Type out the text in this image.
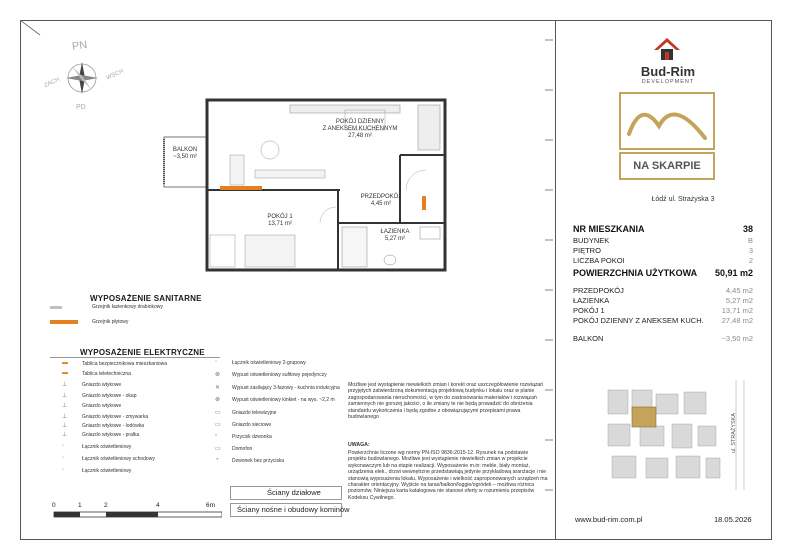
PN
PD
WSCH
ZACH
BALKON
~3,50 m²
POKÓJ DZIENNY
Z ANEKSEM KUCHENNYM
27,48 m²
PRZEDPOKÓJ
4,45 m²
POKÓJ 1
13,71 m²
ŁAZIENKA
5,27 m²
WYPOSAŻENIE SANITARNE
Grzejnik łazienkowy drabinkowy
Grzejnik płytowy
WYPOSAŻENIE ELEKTRYCZNE
▬	Tablica bezpiecznikowa mieszkaniowa
▬	Tablica teletechniczna
⊥	Gniazdo wtykowe
⊥	Gniazdo wtykowe - okap
⊥	Gniazdo wtykowe
⊥	Gniazdo wtykowe - zmywarka
⊥	Gniazdo wtykowe - lodówka
⊥	Gniazdo wtykowe - pralka
◦	Łącznik oświetleniowy
◦	Łącznik oświetleniowy schodowy
◦	Łącznik oświetleniowy
◦	Łącznik oświetleniowy 2-grupowy
⊗ Wypust oświetleniowy sufitowy pojedynczy
✕ Wypust zasilający 3-fazowy - kuchnia indukcyjna
⊗ Wypust oświetleniowy kinkiet - na wys. ~2,2 m
▭ Gniazdo telewizyjne
▭ Gniazdo sieciowe
▫	Przycisk dzwonka
▭ Domofon
◔	Dzwonek bez przycisku
Ściany działowe
Ściany nośne i obudowy kominów
0	1	2	4	6m
Możliwe jest wystąpienie niewielkich zmian i korekt oraz uszczegółowienie rozwiązań przyjętych zatwierdzoną dokumentacją projektową budynku i lokalu oraz w planie zagospodarowania nieruchomości, w tym do zastosowania materiałów i rozwiązań zamiennych nie gorszej jakości, o ile zmiany te nie będą prowadzić do obniżenia standardu wykończenia i będą zgodne z obowiązującymi przepisami prawa budowlanego
UWAGA:
Powierzchnie liczone wg normy PN-ISO 9836:2015-12. Rysunek na podstawie projektu budowlanego. Możliwe jest wystąpienie niewielkich zmian w projekcie wykonawczym lub na etapie realizacji. Wyposażenie m.in: meble, biały montaż, urządzenia elek., drzwi wewnętrzne przedstawiają jedynie przykładową aranżacje i nie stanowią wyposażenia lokalu. Wyposażenie i wielkość zaproponowanych urządzeń ma charakter orientacyjny. Wyjście na taras/balkon/loggie/ogródek – możliwa różnica poziomów. Niniejsza karta katalogowa nie stanowi oferty w rozumieniu przepisów Kodeksu Cywilnego.
Bud-Rim
DEVELOPMENT
NA SKARPIE
Łódź ul. Strażyska 3
NR MIESZKANIA	38
BUDYNEK	B
PIĘTRO	3
LICZBA POKOI	2
POWIERZCHNIA UŻYTKOWA 50,91 m2
PRZEDPOKÓJ	4,45 m2
ŁAZIENKA	5,27 m2
POKÓJ 1	13,71 m2
POKÓJ DZIENNY Z ANEKSEM KUCH. 27,48 m2
BALKON	~3,50 m2
ul. STRAŻYSKA
www.bud-rim.com.pl	18.05.2026
